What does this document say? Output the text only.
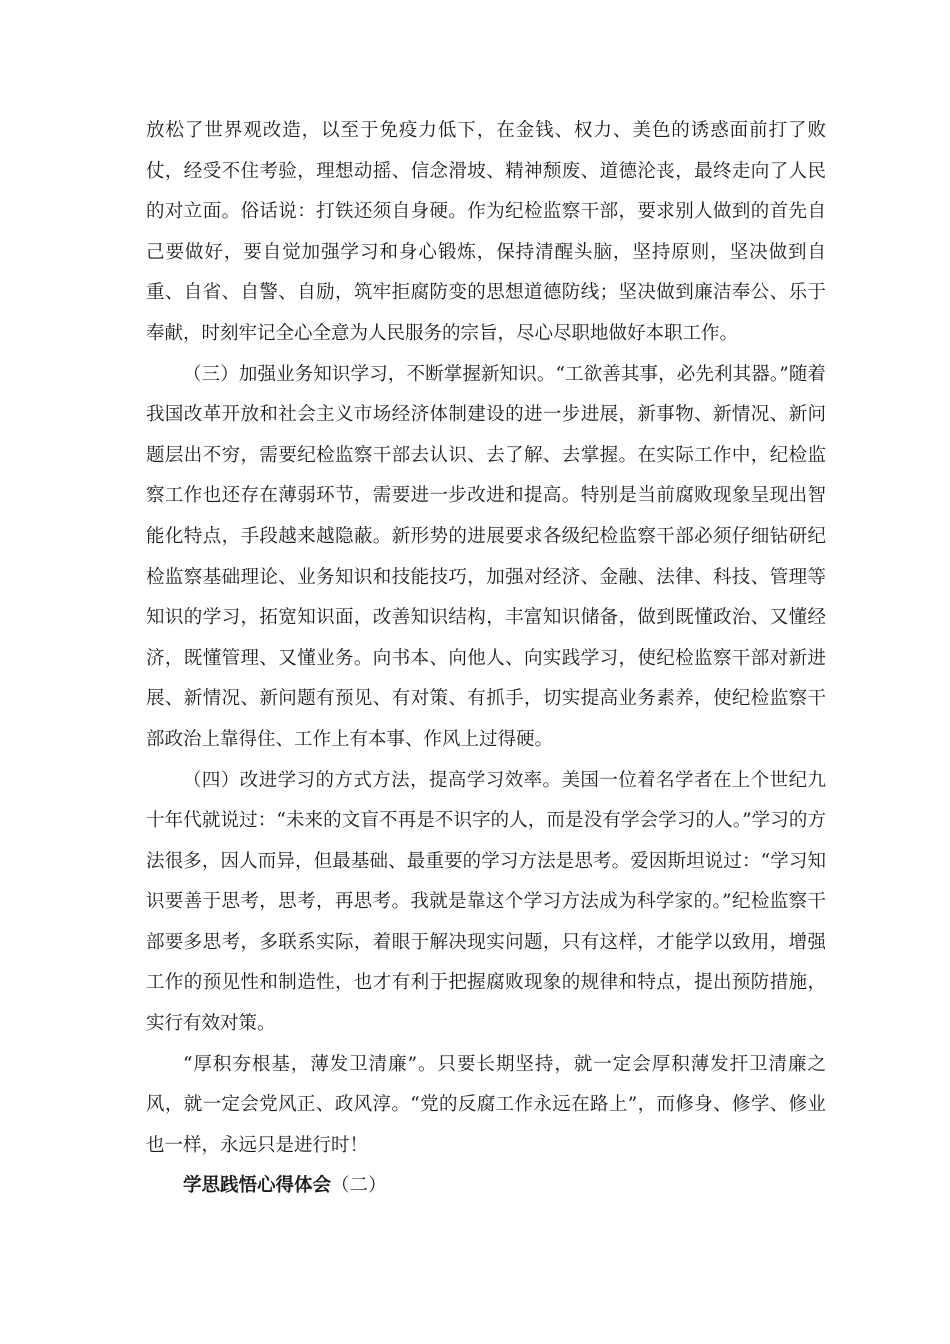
放松了世界观改造，以至于免疫力低下，在金钱、权力、美色的诱惑面前打了败仗，经受不住考验，理想动摇、信念滑坡、精神颓废、道德沦丧，最终走向了人民的对立面。俗话说：打铁还须自身硬。作为纪检监察干部，要求别人做到的首先自己要做好，要自觉加强学习和身心锻炼，保持清醒头脑，坚持原则，坚决做到自重、自省、自警、自励，筑牢拒腐防变的思想道德防线；坚决做到廉洁奉公、乐于奉献，时刻牢记全心全意为人民服务的宗旨，尽心尽职地做好本职工作。

（三）加强业务知识学习，不断掌握新知识。“工欲善其事，必先利其器。”随着我国改革开放和社会主义市场经济体制建设的进一步进展，新事物、新情况、新问题层出不穷，需要纪检监察干部去认识、去了解、去掌握。在实际工作中，纪检监察工作也还存在薄弱环节，需要进一步改进和提高。特别是当前腐败现象呈现出智能化特点，手段越来越隐蔽。新形势的进展要求各级纪检监察干部必须仔细钻研纪检监察基础理论、业务知识和技能技巧，加强对经济、金融、法律、科技、管理等知识的学习，拓宽知识面，改善知识结构，丰富知识储备，做到既懂政治、又懂经济，既懂管理、又懂业务。向书本、向他人、向实践学习，使纪检监察干部对新进展、新情况、新问题有预见、有对策、有抓手，切实提高业务素养，使纪检监察干部政治上靠得住、工作上有本事、作风上过得硬。

（四）改进学习的方式方法，提高学习效率。美国一位着名学者在上个世纪九十年代就说过：“未来的文盲不再是不识字的人，而是没有学会学习的人。”学习的方法很多，因人而异，但最基础、最重要的学习方法是思考。爱因斯坦说过：“学习知识要善于思考，思考，再思考。我就是靠这个学习方法成为科学家的。”纪检监察干部要多思考，多联系实际，着眼于解决现实问题，只有这样，才能学以致用，增强工作的预见性和制造性，也才有利于把握腐败现象的规律和特点，提出预防措施，实行有效对策。

“厚积夯根基，薄发卫清廉”。只要长期坚持，就一定会厚积薄发扞卫清廉之风，就一定会党风正、政风淳。“党的反腐工作永远在路上”，而修身、修学、修业也一样，永远只是进行时！

学思践悟心得体会（二）
